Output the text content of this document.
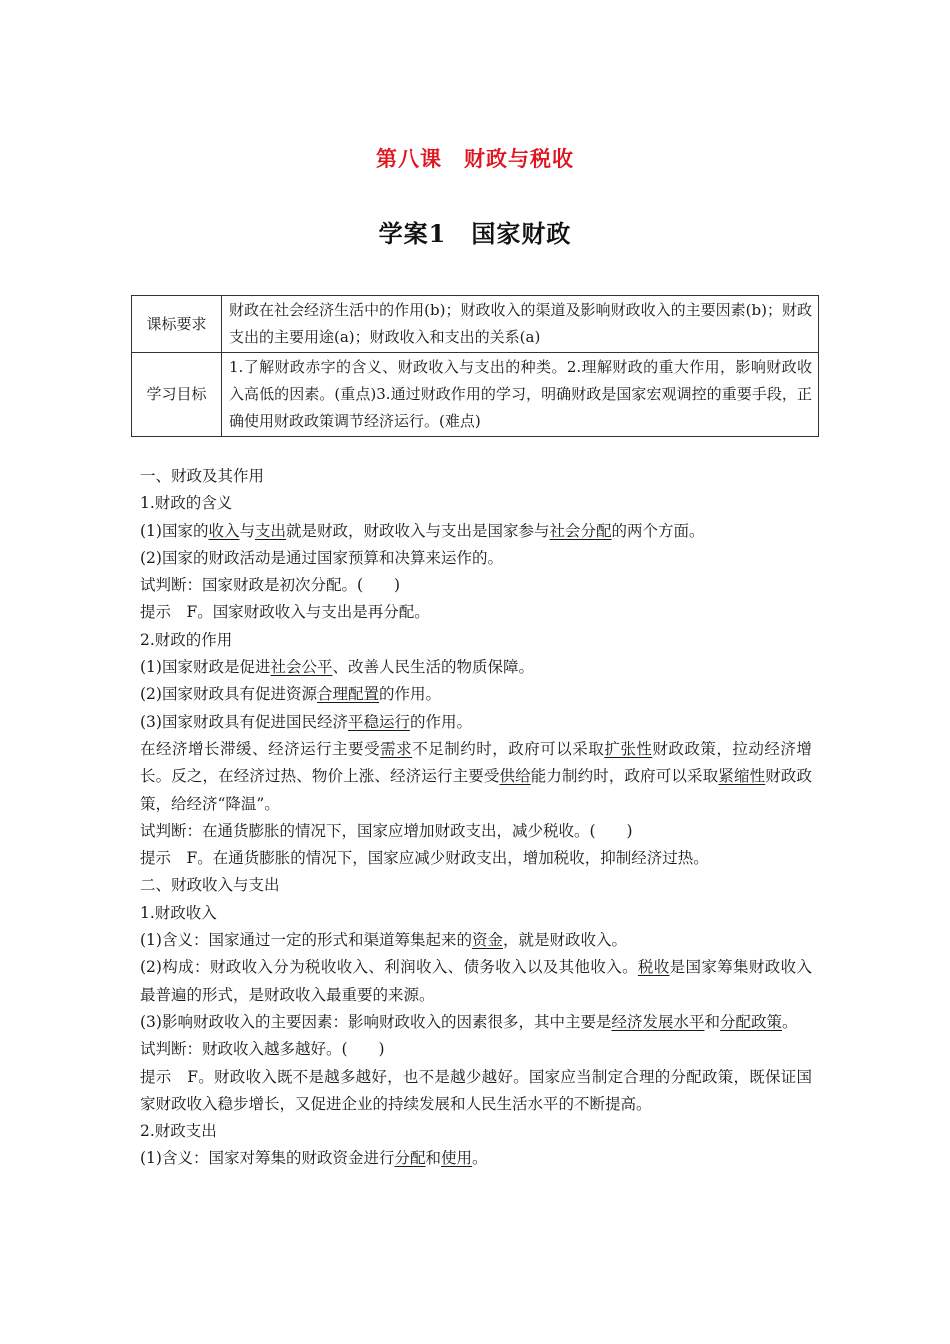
第八课　财政与税收
学案1　国家财政
课标要求	财政在社会经济生活中的作用(b)；财政收入的渠道及影响财政收入的主要因素(b)；财政支出的主要用途(a)；财政收入和支出的关系(a)
学习目标	1.了解财政赤字的含义、财政收入与支出的种类。2.理解财政的重大作用，影响财政收入高低的因素。(重点)3.通过财政作用的学习，明确财政是国家宏观调控的重要手段，正确使用财政政策调节经济运行。(难点)

一、财政及其作用

1.财政的含义

(1)国家的收入与支出就是财政，财政收入与支出是国家参与社会分配的两个方面。

(2)国家的财政活动是通过国家预算和决算来运作的。

试判断：国家财政是初次分配。(　　)

提示　F。国家财政收入与支出是再分配。

2.财政的作用

(1)国家财政是促进社会公平、改善人民生活的物质保障。

(2)国家财政具有促进资源合理配置的作用。

(3)国家财政具有促进国民经济平稳运行的作用。

在经济增长滞缓、经济运行主要受需求不足制约时，政府可以采取扩张性财政政策，拉动经济增长。反之，在经济过热、物价上涨、经济运行主要受供给能力制约时，政府可以采取紧缩性财政政策，给经济“降温”。

试判断：在通货膨胀的情况下，国家应增加财政支出，减少税收。(　　)

提示　F。在通货膨胀的情况下，国家应减少财政支出，增加税收，抑制经济过热。

二、财政收入与支出

1.财政收入

(1)含义：国家通过一定的形式和渠道筹集起来的资金，就是财政收入。

(2)构成：财政收入分为税收收入、利润收入、债务收入以及其他收入。税收是国家筹集财政收入最普遍的形式，是财政收入最重要的来源。

(3)影响财政收入的主要因素：影响财政收入的因素很多，其中主要是经济发展水平和分配政策。

试判断：财政收入越多越好。(　　)

提示　F。财政收入既不是越多越好，也不是越少越好。国家应当制定合理的分配政策，既保证国家财政收入稳步增长，又促进企业的持续发展和人民生活水平的不断提高。

2.财政支出

(1)含义：国家对筹集的财政资金进行分配和使用。
